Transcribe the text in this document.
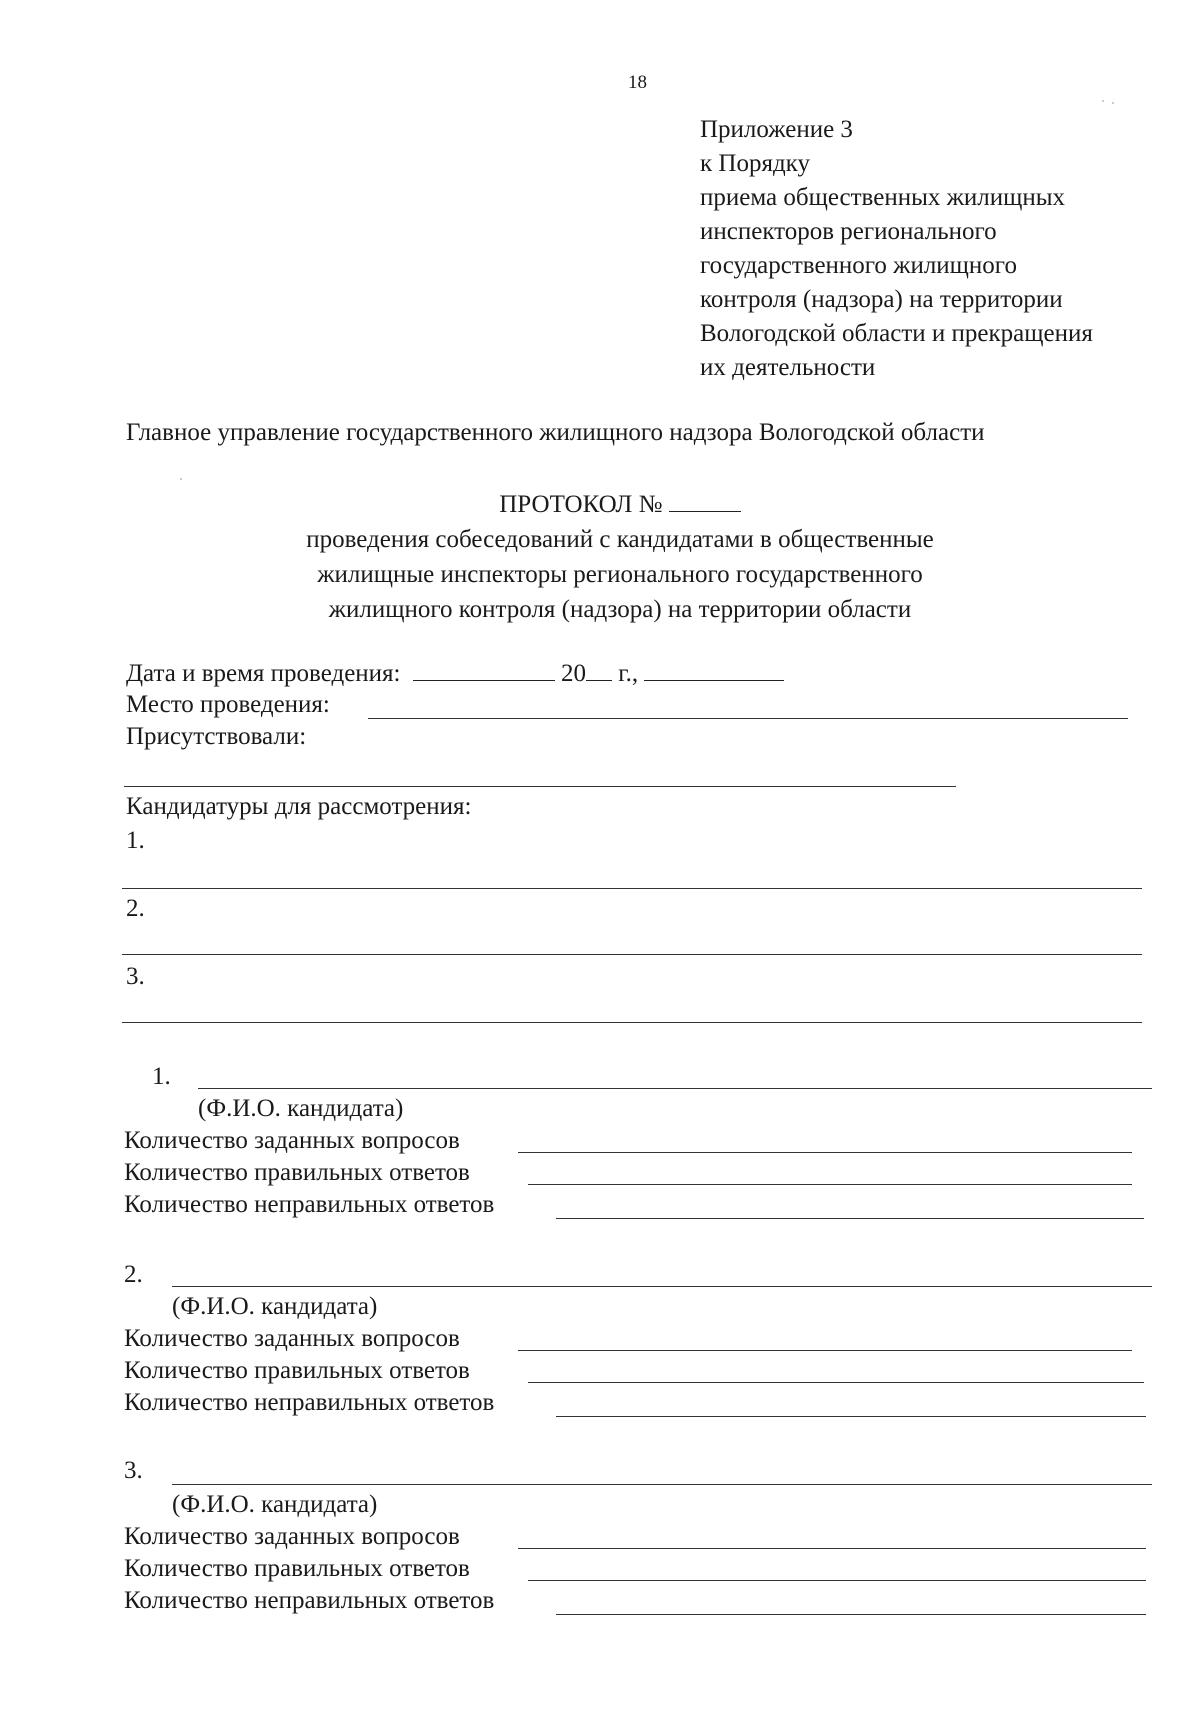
18
Приложение 3
к Порядку
приема общественных жилищных
инспекторов регионального
государственного жилищного
контроля (надзора) на территории
Вологодской области и прекращения
их деятельности
Главное управление государственного жилищного надзора Вологодской области
ПРОТОКОЛ №
проведения собеседований с кандидатами в общественные
жилищные инспекторы регионального государственного
жилищного контроля (надзора) на территории области
Дата и время проведения:	20 г.,
Место проведения:
Присутствовали:
Кандидатуры для рассмотрения:
1.
2.
3.
1.
(Ф.И.О. кандидата)
Количество заданных вопросов
Количество правильных ответов
Количество неправильных ответов
2.
(Ф.И.О. кандидата)
Количество заданных вопросов
Количество правильных ответов
Количество неправильных ответов
3.
(Ф.И.О. кандидата)
Количество заданных вопросов
Количество правильных ответов
Количество неправильных ответов
